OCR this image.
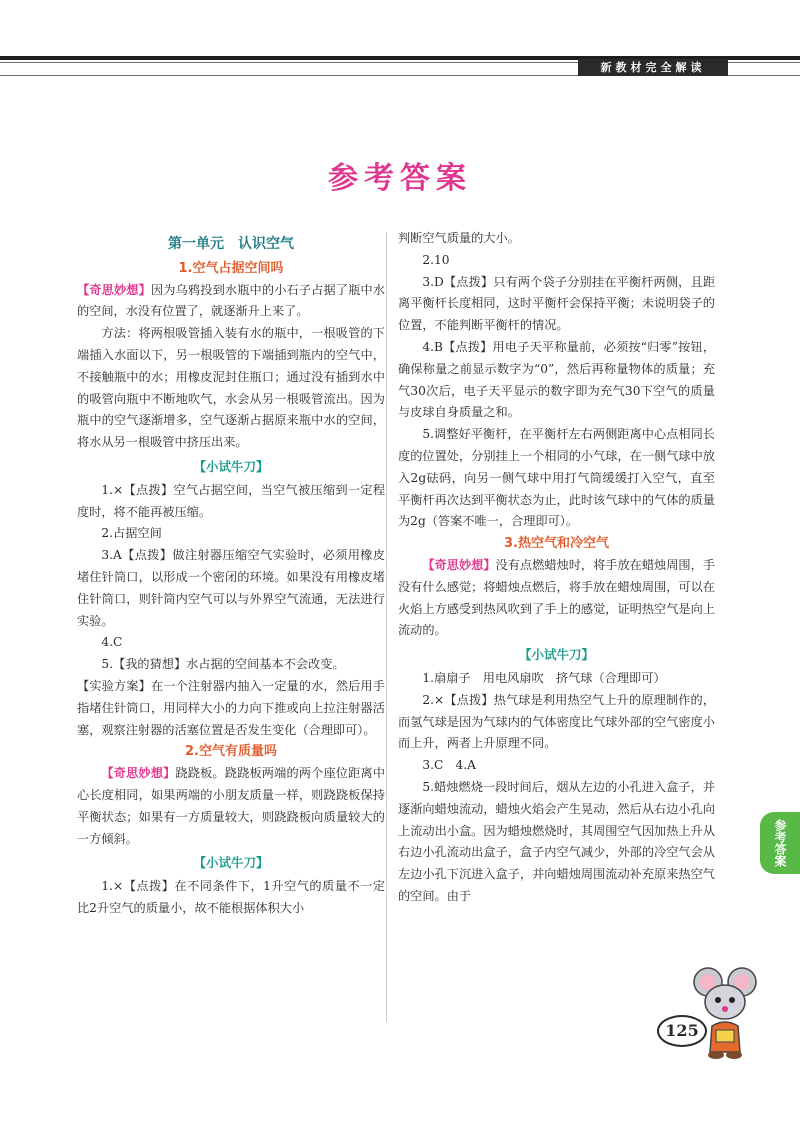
新教材完全解读
参考答案
第一单元　认识空气
1.空气占据空间吗

【奇思妙想】因为乌鸦投到水瓶中的小石子占据了瓶中水的空间，水没有位置了，就逐渐升上来了。

方法：将两根吸管插入装有水的瓶中，一根吸管的下端插入水面以下，另一根吸管的下端插到瓶内的空气中，不接触瓶中的水；用橡皮泥封住瓶口；通过没有插到水中的吸管向瓶中不断地吹气，水会从另一根吸管流出。因为瓶中的空气逐渐增多，空气逐渐占据原来瓶中水的空间，将水从另一根吸管中挤压出来。

【小试牛刀】

1.×【点拨】空气占据空间，当空气被压缩到一定程度时，将不能再被压缩。

2.占据空间

3.A【点拨】做注射器压缩空气实验时，必须用橡皮堵住针筒口，以形成一个密闭的环境。如果没有用橡皮堵住针筒口，则针筒内空气可以与外界空气流通，无法进行实验。

4.C

5.【我的猜想】水占据的空间基本不会改变。

【实验方案】在一个注射器内抽入一定量的水，然后用手指堵住针筒口，用同样大小的力向下推或向上拉注射器活塞，观察注射器的活塞位置是否发生变化（合理即可）。

2.空气有质量吗

【奇思妙想】跷跷板。跷跷板两端的两个座位距离中心长度相同，如果两端的小朋友质量一样，则跷跷板保持平衡状态；如果有一方质量较大，则跷跷板向质量较大的一方倾斜。

【小试牛刀】

1.×【点拨】在不同条件下，1升空气的质量不一定比2升空气的质量小，故不能根据体积大小

判断空气质量的大小。

2.10

3.D【点拨】只有两个袋子分别挂在平衡杆两侧，且距离平衡杆长度相同，这时平衡杆会保持平衡；未说明袋子的位置，不能判断平衡杆的情况。

4.B【点拨】用电子天平称量前，必须按“归零”按钮，确保称量之前显示数字为“0”，然后再称量物体的质量；充气30次后，电子天平显示的数字即为充气30下空气的质量与皮球自身质量之和。

5.调整好平衡杆，在平衡杆左右两侧距离中心点相同长度的位置处，分别挂上一个相同的小气球，在一侧气球中放入2g砝码，向另一侧气球中用打气筒缓缓打入空气，直至平衡杆再次达到平衡状态为止，此时该气球中的气体的质量为2g（答案不唯一，合理即可）。

3.热空气和冷空气

【奇思妙想】没有点燃蜡烛时，将手放在蜡烛周围，手没有什么感觉；将蜡烛点燃后，将手放在蜡烛周围，可以在火焰上方感受到热风吹到了手上的感觉，证明热空气是向上流动的。

【小试牛刀】

1.扇扇子　用电风扇吹　挤气球（合理即可）

2.×【点拨】热气球是利用热空气上升的原理制作的，而氢气球是因为气球内的气体密度比气球外部的空气密度小而上升，两者上升原理不同。

3.C　4.A

5.蜡烛燃烧一段时间后，烟从左边的小孔进入盒子，并逐渐向蜡烛流动，蜡烛火焰会产生晃动，然后从右边小孔向上流动出小盒。因为蜡烛燃烧时，其周围空气因加热上升从右边小孔流动出盒子，盒子内空气减少，外部的冷空气会从左边小孔下沉进入盒子，并向蜡烛周围流动补充原来热空气的空间。由于

参考答案
125
